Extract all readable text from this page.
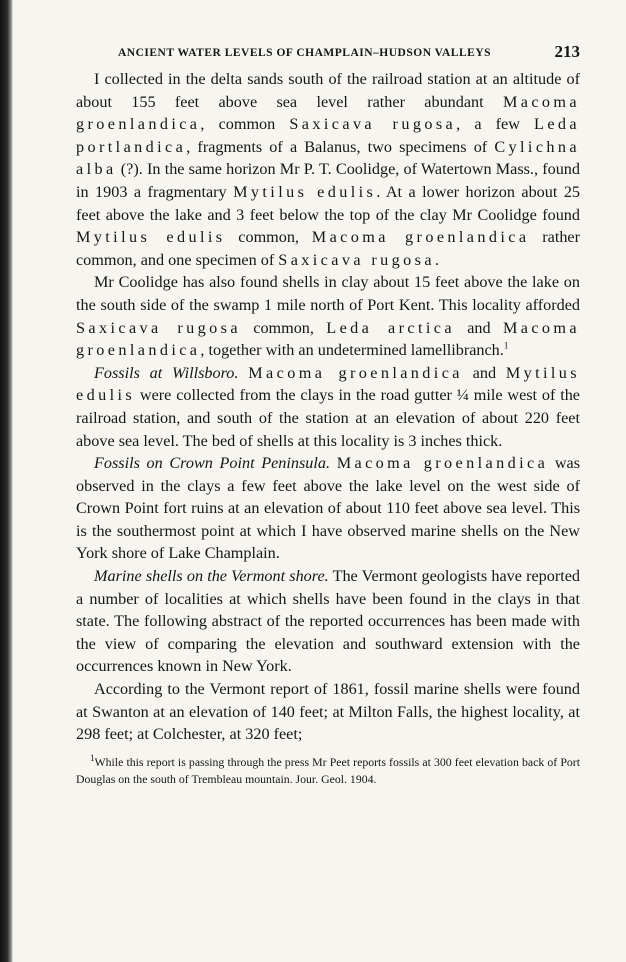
ANCIENT WATER LEVELS OF CHAMPLAIN–HUDSON VALLEYS	213

I collected in the delta sands south of the railroad station at an altitude of about 155 feet above sea level rather abundant Macoma groenlandica, common Saxicava rugosa, a few Leda portlandica, fragments of a Balanus, two specimens of Cylichna alba (?). In the same horizon Mr P. T. Coolidge, of Watertown Mass., found in 1903 a fragmentary Mytilus edulis. At a lower horizon about 25 feet above the lake and 3 feet below the top of the clay Mr Coolidge found Mytilus edulis common, Macoma groenlandica rather common, and one specimen of Saxicava rugosa.

Mr Coolidge has also found shells in clay about 15 feet above the lake on the south side of the swamp 1 mile north of Port Kent. This locality afforded Saxicava rugosa common, Leda arctica and Macoma groenlandica, together with an undetermined lamellibranch.$^1$

Fossils at Willsboro. Macoma groenlandica and Mytilus edulis were collected from the clays in the road gutter ¼ mile west of the railroad station, and south of the station at an elevation of about 220 feet above sea level. The bed of shells at this locality is 3 inches thick.

Fossils on Crown Point Peninsula. Macoma groenlandica was observed in the clays a few feet above the lake level on the west side of Crown Point fort ruins at an elevation of about 110 feet above sea level. This is the southermost point at which I have observed marine shells on the New York shore of Lake Champlain.

Marine shells on the Vermont shore. The Vermont geologists have reported a number of localities at which shells have been found in the clays in that state. The following abstract of the reported occurrences has been made with the view of comparing the elevation and southward extension with the occurrences known in New York.

According to the Vermont report of 1861, fossil marine shells were found at Swanton at an elevation of 140 feet; at Milton Falls, the highest locality, at 298 feet; at Colchester, at 320 feet;

$^1$While this report is passing through the press Mr Peet reports fossils at 300 feet elevation back of Port Douglas on the south of Trembleau mountain. Jour. Geol. 1904.
